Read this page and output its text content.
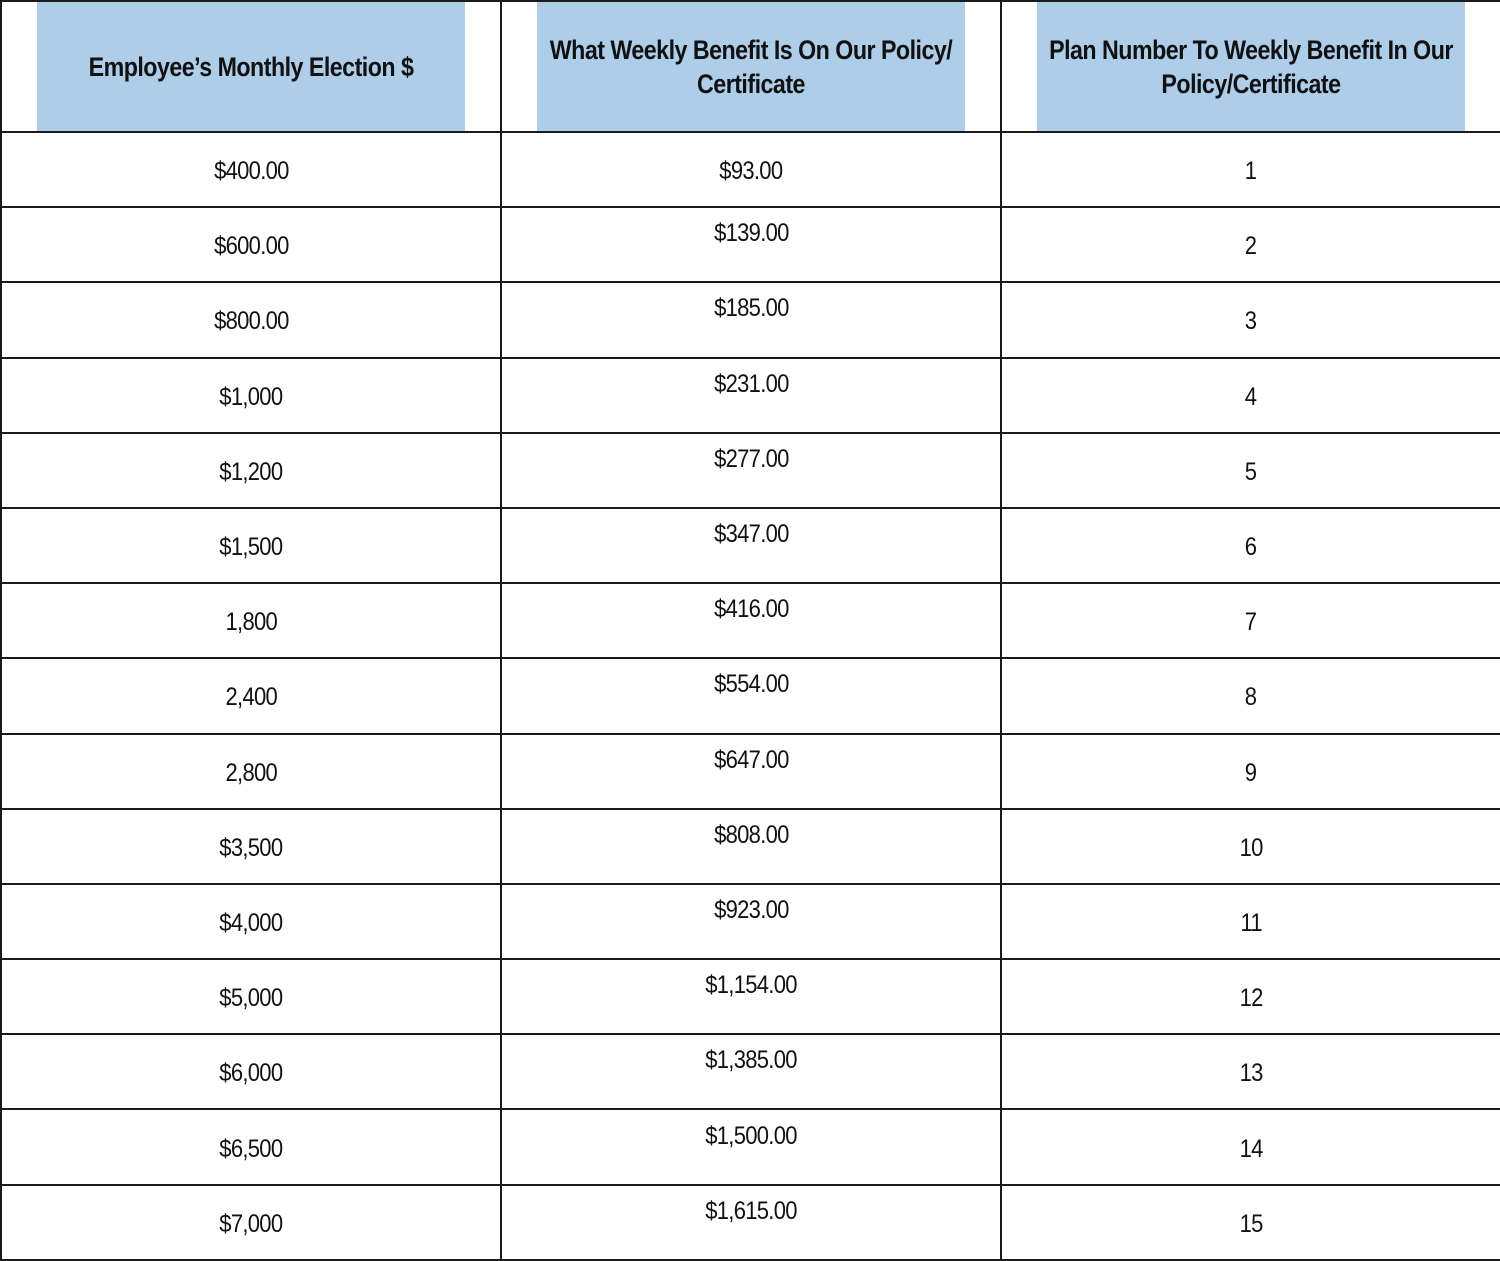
Employee’s Monthly Election $	What Weekly Benefit Is On Our Policy/ Certificate	Plan Number To Weekly Benefit In Our Policy/Certificate
$400.00	$93.00	1
$600.00	$139.00	2
$800.00	$185.00	3
$1,000	$231.00	4
$1,200	$277.00	5
$1,500	$347.00	6
1,800	$416.00	7
2,400	$554.00	8
2,800	$647.00	9
$3,500	$808.00	10
$4,000	$923.00	11
$5,000	$1,154.00	12
$6,000	$1,385.00	13
$6,500	$1,500.00	14
$7,000	$1,615.00	15
